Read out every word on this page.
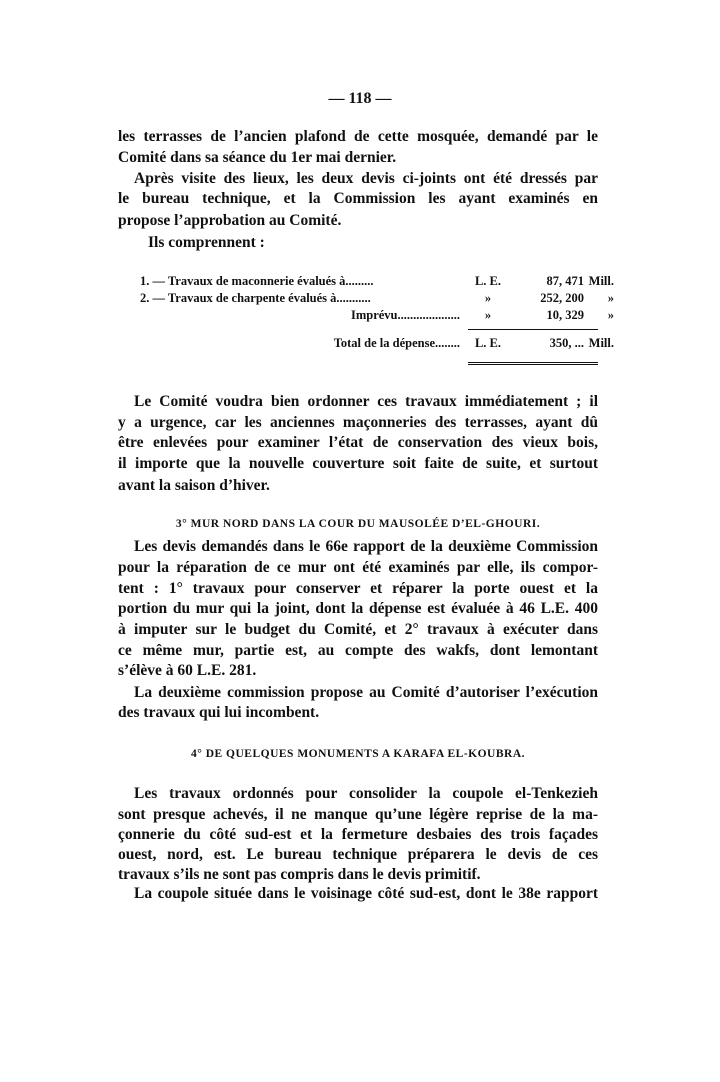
— 118 —
les terrasses de l’ancien plafond de cette mosquée, demandé par le
Comité dans sa séance du 1er mai dernier.
Après visite des lieux, les deux devis ci-joints ont été dressés par
le bureau technique, et la Commission les ayant examinés en
propose l’approbation au Comité.
Ils comprennent :
1. — Travaux de maconnerie évalués à.........	L. E.	87, 471 Mill.
2. — Travaux de charpente évalués à...........	»	252, 200	»
Imprévu....................	»	10, 329	»
Total de la dépense........	L. E.	350, ... Mill.
Le Comité voudra bien ordonner ces travaux immédiatement ; il
y a urgence, car les anciennes maçonneries des terrasses, ayant dû
être enlevées pour examiner l’état de conservation des vieux bois,
il importe que la nouvelle couverture soit faite de suite, et surtout
avant la saison d’hiver.
3° MUR NORD DANS LA COUR DU MAUSOLÉE D’EL-GHOURI.
Les devis demandés dans le 66e rapport de la deuxième Commission
pour la réparation de ce mur ont été examinés par elle, ils compor-
tent : 1° travaux pour conserver et réparer la porte ouest et la
portion du mur qui la joint, dont la dépense est évaluée à 46 L.E. 400
à imputer sur le budget du Comité, et 2° travaux à exécuter dans
ce même mur, partie est, au compte des wakfs, dont lemontant
s’élève à 60 L.E. 281.
La deuxième commission propose au Comité d’autoriser l’exécution
des travaux qui lui incombent.
4° DE QUELQUES MONUMENTS A KARAFA EL-KOUBRA.
Les travaux ordonnés pour consolider la coupole el-Tenkezieh
sont presque achevés, il ne manque qu’une légère reprise de la ma-
çonnerie du côté sud-est et la fermeture desbaies des trois façades
ouest, nord, est. Le bureau technique préparera le devis de ces
travaux s’ils ne sont pas compris dans le devis primitif.
La coupole située dans le voisinage côté sud-est, dont le 38e rapport
